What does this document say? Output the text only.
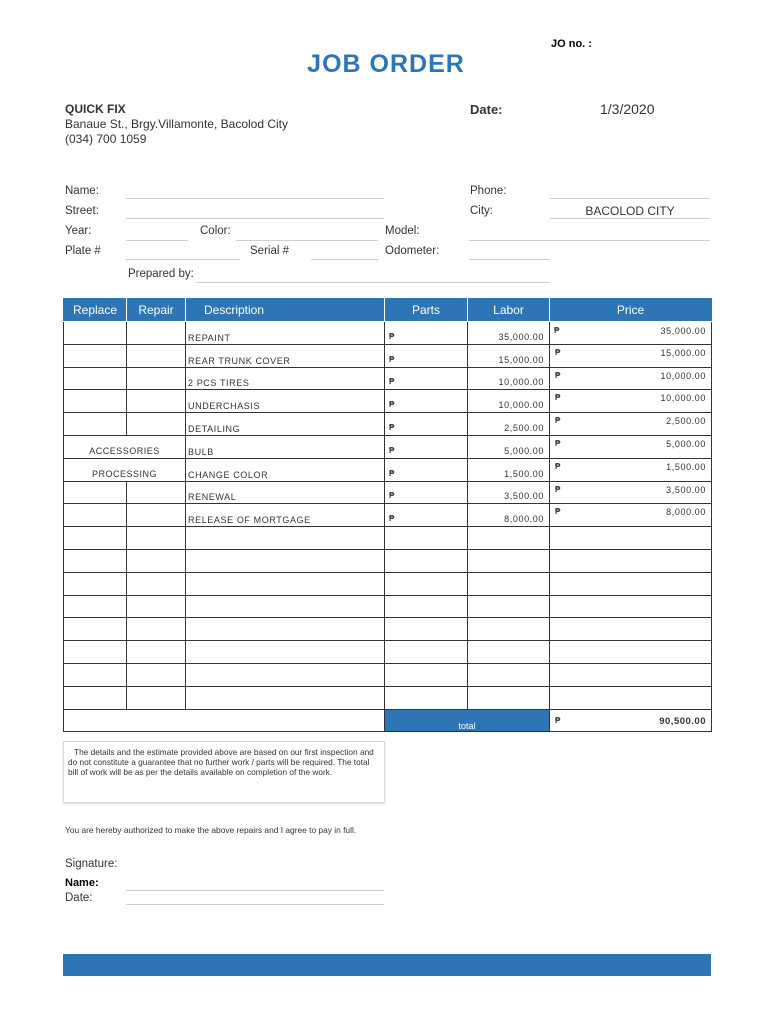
JO no. :
JOB ORDER
QUICK FIX
Banaue St., Brgy.Villamonte, Bacolod City
(034) 700 1059
Date:	1/3/2020
Name:	Phone:
Street:	City:	BACOLOD CITY
Year:	Color:	Model:
Plate #	Serial #	Odometer:
Prepared by:
Replace	Repair	Description	Parts	Labor	Price

		REPAINT	₱	35,000.00	₱ 35,000.00

		REAR TRUNK COVER	₱	15,000.00	₱ 15,000.00

		2 PCS TIRES	₱	10,000.00	₱ 10,000.00

		UNDERCHASIS	₱	10,000.00	₱ 10,000.00

		DETAILING	₱	2,500.00	₱ 2,500.00

ACCESSORIES		BULB	₱	5,000.00	₱ 5,000.00

PROCESSING		CHANGE COLOR	₱	1,500.00	₱ 1,500.00

		RENEWAL	₱	3,500.00	₱ 3,500.00

		RELEASE OF MORTGAGE	₱	8,000.00	₱ 8,000.00

			total		₱ 90,500.00
The details and the estimate provided above are based on our first inspection and do not constitute a guarantee that no further work / parts will be required. The total bill of work will be as per the details available on completion of the work.
You are hereby authorized to make the above repairs and I agree to pay in full.
Signature:
Name:
Date:
